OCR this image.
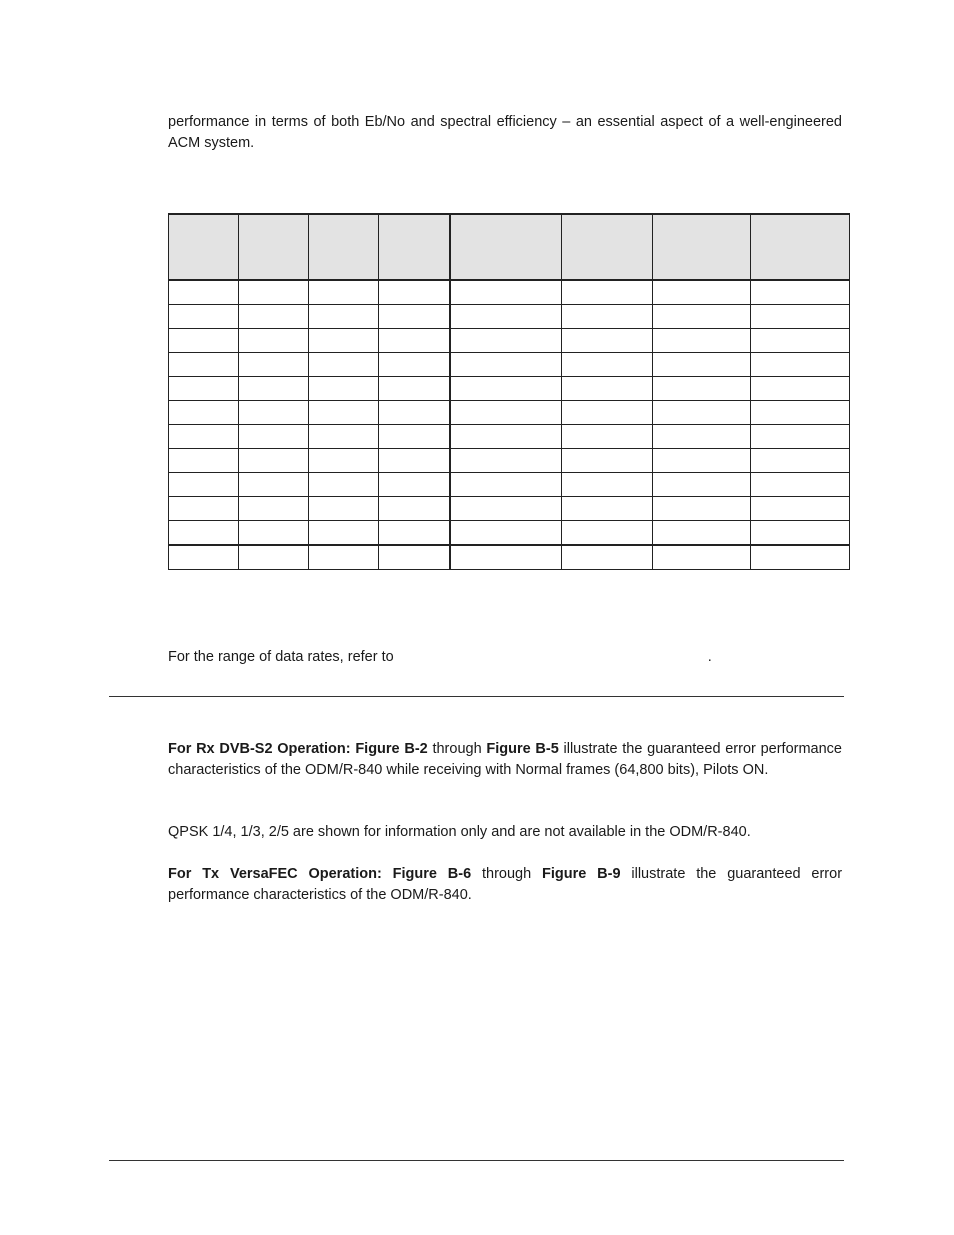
performance in terms of both Eb/No and spectral efficiency – an essential aspect of a well-engineered ACM system.

For the range of data rates, refer to	.

For Rx DVB-S2 Operation: Figure B-2 through Figure B-5 illustrate the guaranteed error performance characteristics of the ODM/R-840 while receiving with Normal frames (64,800 bits), Pilots ON.

QPSK 1/4, 1/3, 2/5 are shown for information only and are not available in the ODM/R-840.

For Tx VersaFEC Operation: Figure B-6 through Figure B-9 illustrate the guaranteed error performance characteristics of the ODM/R-840.
